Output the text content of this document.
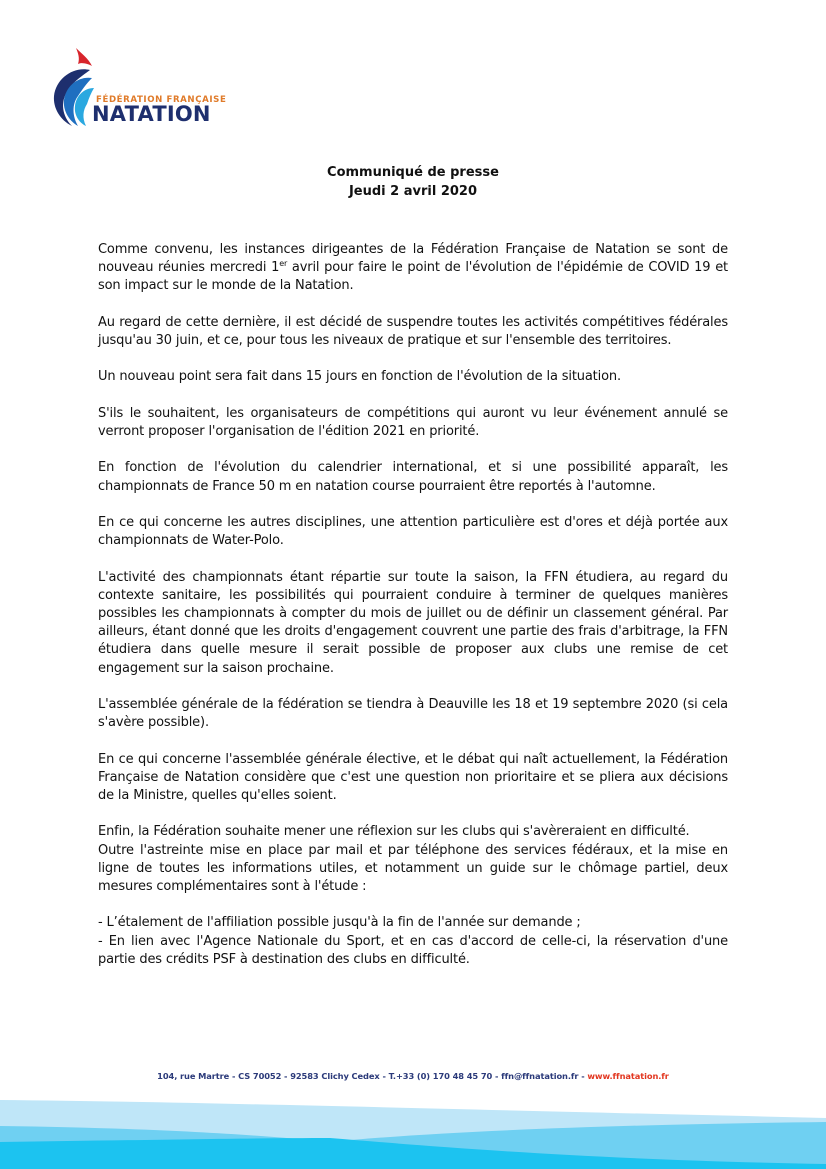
FÉDÉRATION FRANÇAISE
NATATION
Communiqué de presse
Jeudi 2 avril 2020

Comme convenu, les instances dirigeantes de la Fédération Française de Natation se sont de nouveau réunies mercredi 1er avril pour faire le point de l'évolution de l'épidémie de COVID 19 et son impact sur le monde de la Natation.

Au regard de cette dernière, il est décidé de suspendre toutes les activités compétitives fédérales jusqu'au 30 juin, et ce, pour tous les niveaux de pratique et sur l'ensemble des territoires.

Un nouveau point sera fait dans 15 jours en fonction de l'évolution de la situation.

S'ils le souhaitent, les organisateurs de compétitions qui auront vu leur événement annulé se verront proposer l'organisation de l'édition 2021 en priorité.

En fonction de l'évolution du calendrier international, et si une possibilité apparaît, les championnats de France 50 m en natation course pourraient être reportés à l'automne.

En ce qui concerne les autres disciplines, une attention particulière est d'ores et déjà portée aux championnats de Water-Polo.

L'activité des championnats étant répartie sur toute la saison, la FFN étudiera, au regard du contexte sanitaire, les possibilités qui pourraient conduire à terminer de quelques manières possibles les championnats à compter du mois de juillet ou de définir un classement général. Par ailleurs, étant donné que les droits d'engagement couvrent une partie des frais d'arbitrage, la FFN étudiera dans quelle mesure il serait possible de proposer aux clubs une remise de cet engagement sur la saison prochaine.

L'assemblée générale de la fédération se tiendra à Deauville les 18 et 19 septembre 2020 (si cela s'avère possible).

En ce qui concerne l'assemblée générale élective, et le débat qui naît actuellement, la Fédération Française de Natation considère que c'est une question non prioritaire et se pliera aux décisions de la Ministre, quelles qu'elles soient.

Enfin, la Fédération souhaite mener une réflexion sur les clubs qui s'avèreraient en difficulté.

Outre l'astreinte mise en place par mail et par téléphone des services fédéraux, et la mise en ligne de toutes les informations utiles, et notamment un guide sur le chômage partiel, deux mesures complémentaires sont à l'étude :

- L’étalement de l'affiliation possible jusqu'à la fin de l'année sur demande ;

- En lien avec l'Agence Nationale du Sport, et en cas d'accord de celle-ci, la réservation d'une partie des crédits PSF à destination des clubs en difficulté.

104, rue Martre - CS 70052 - 92583 Clichy Cedex - T.+33 (0) 170 48 45 70 - ffn@ffnatation.fr - www.ffnatation.fr
